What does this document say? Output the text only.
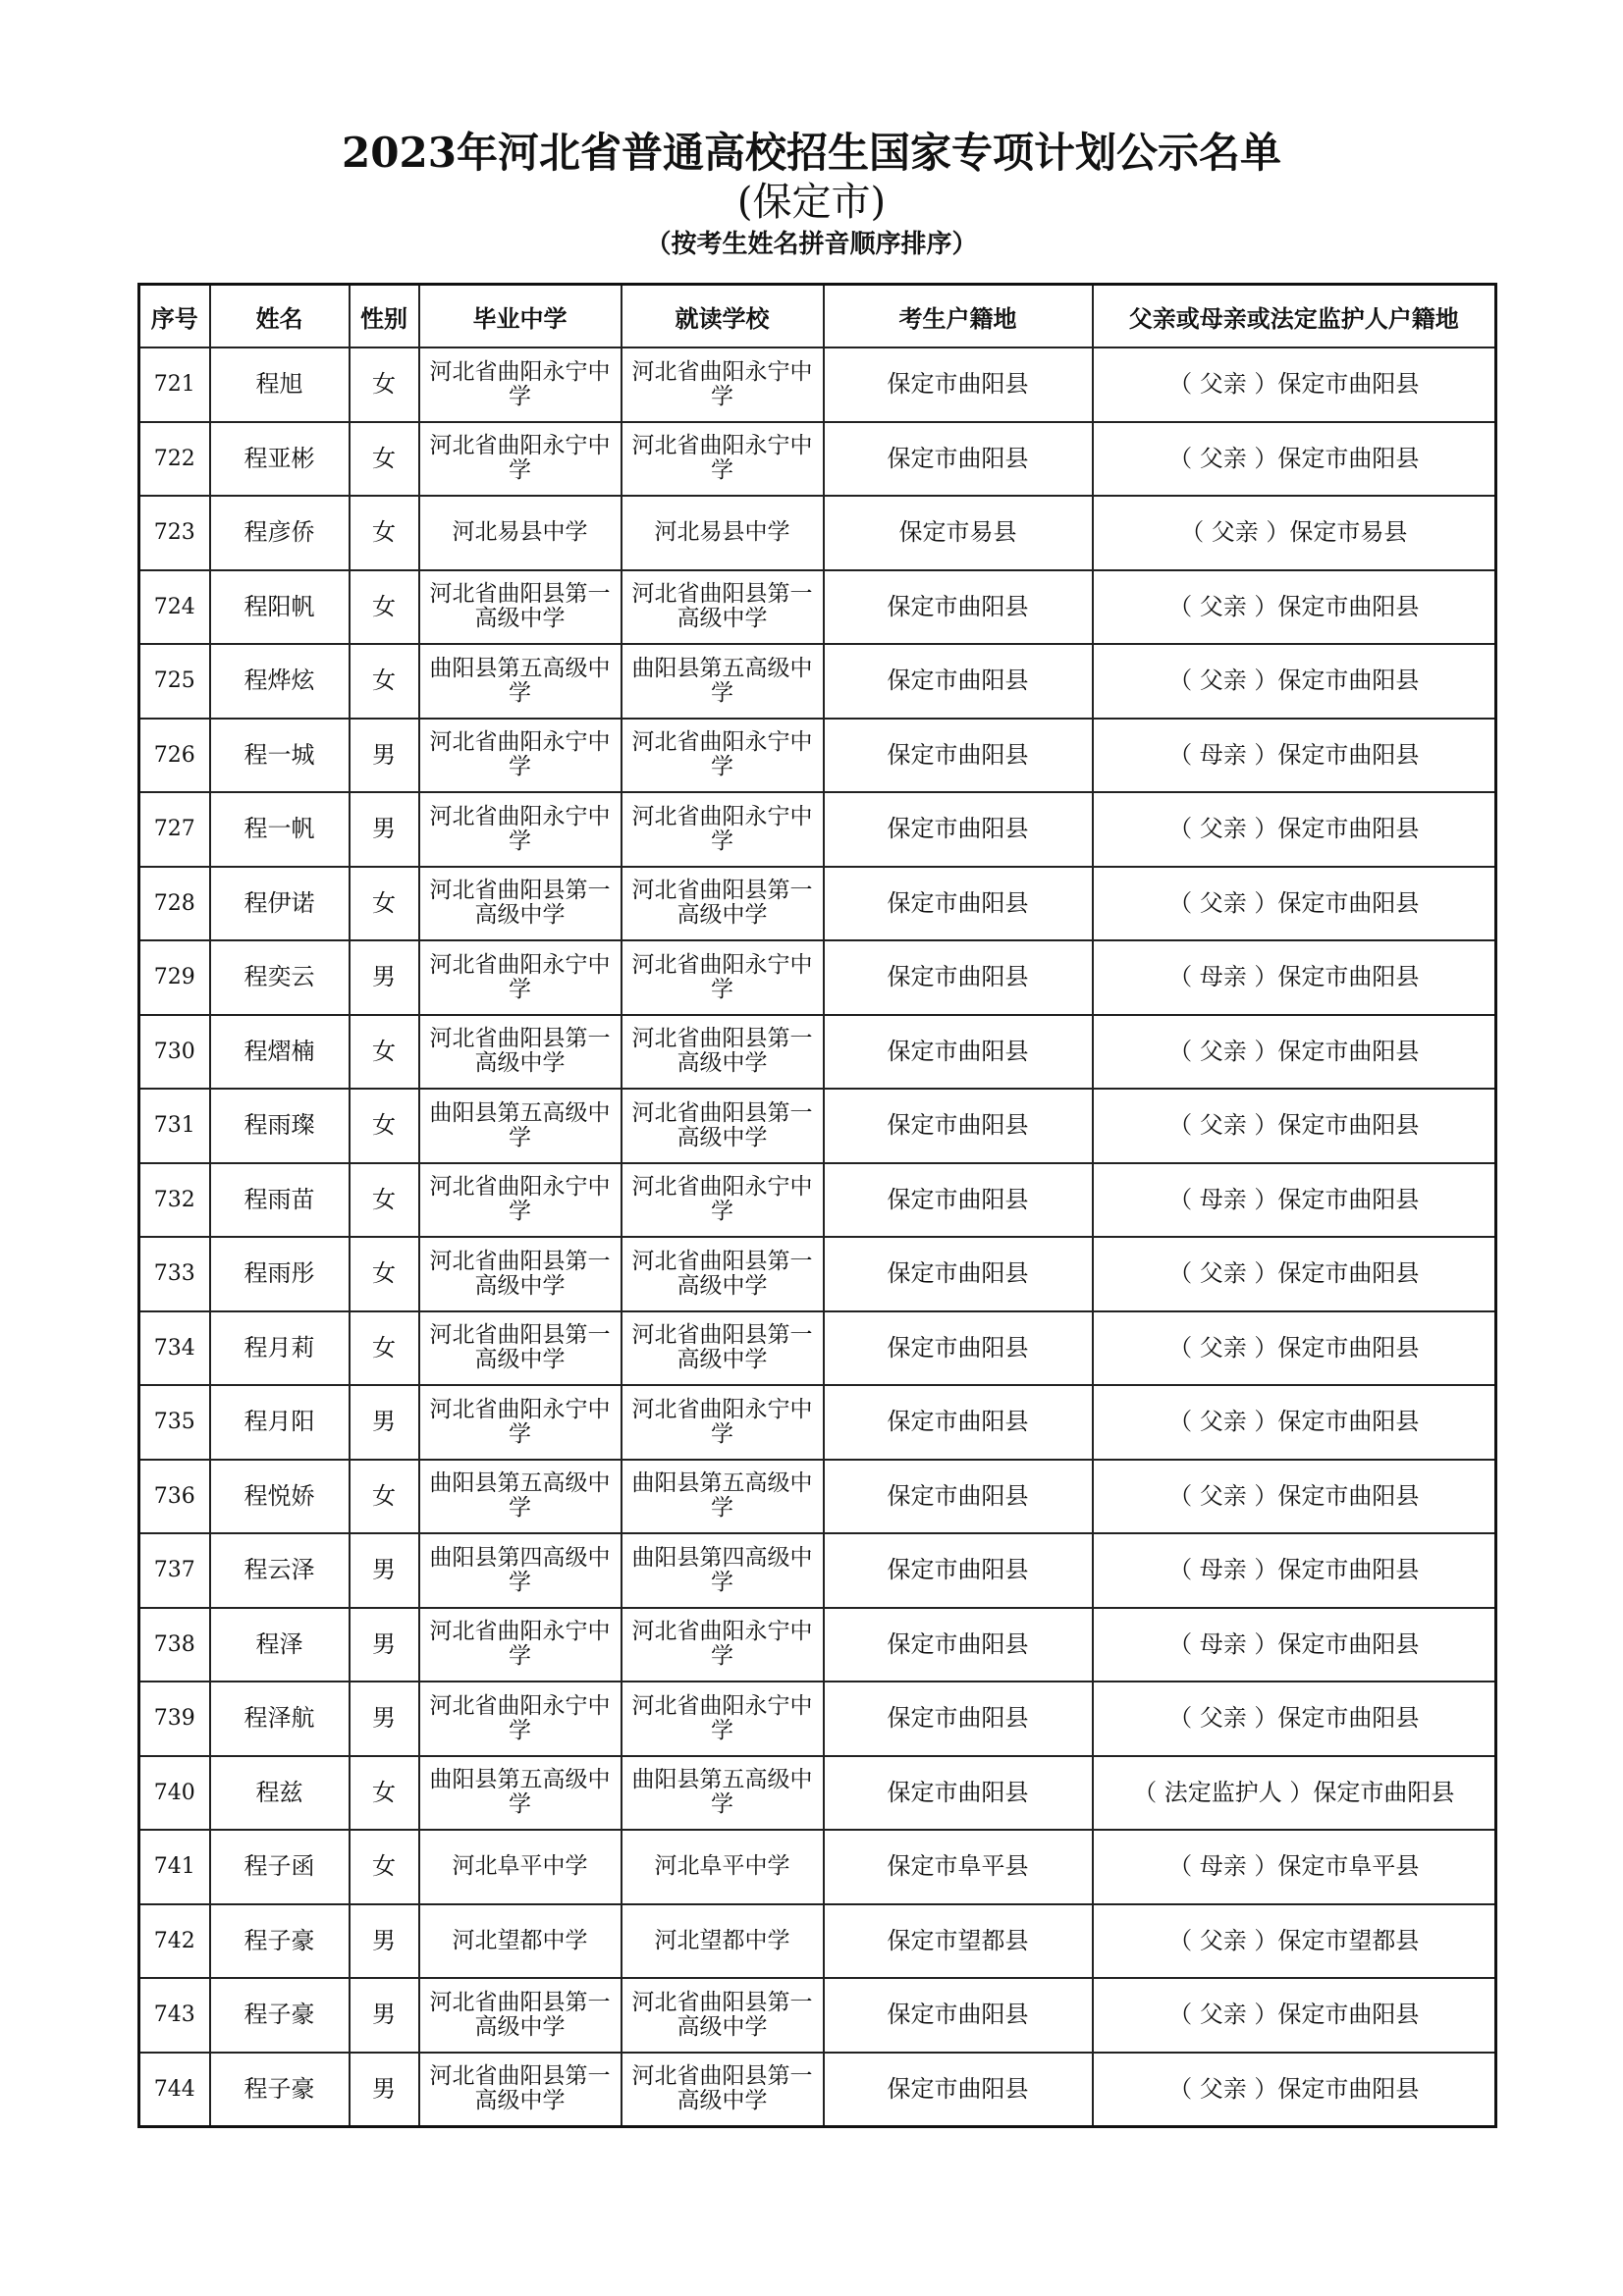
2023年河北省普通高校招生国家专项计划公示名单
(保定市)
（按考生姓名拼音顺序排序）
序号	姓名	性别	毕业中学	就读学校	考生户籍地	父亲或母亲或法定监护人户籍地
721	程旭	女	河北省曲阳永宁中学	河北省曲阳永宁中学	保定市曲阳县	（ 父亲 ）保定市曲阳县
722	程亚彬	女	河北省曲阳永宁中学	河北省曲阳永宁中学	保定市曲阳县	（ 父亲 ）保定市曲阳县
723	程彦侨	女	河北易县中学	河北易县中学	保定市易县	（ 父亲 ）保定市易县
724	程阳帆	女	河北省曲阳县第一高级中学	河北省曲阳县第一高级中学	保定市曲阳县	（ 父亲 ）保定市曲阳县
725	程烨炫	女	曲阳县第五高级中学	曲阳县第五高级中学	保定市曲阳县	（ 父亲 ）保定市曲阳县
726	程一城	男	河北省曲阳永宁中学	河北省曲阳永宁中学	保定市曲阳县	（ 母亲 ）保定市曲阳县
727	程一帆	男	河北省曲阳永宁中学	河北省曲阳永宁中学	保定市曲阳县	（ 父亲 ）保定市曲阳县
728	程伊诺	女	河北省曲阳县第一高级中学	河北省曲阳县第一高级中学	保定市曲阳县	（ 父亲 ）保定市曲阳县
729	程奕云	男	河北省曲阳永宁中学	河北省曲阳永宁中学	保定市曲阳县	（ 母亲 ）保定市曲阳县
730	程熠楠	女	河北省曲阳县第一高级中学	河北省曲阳县第一高级中学	保定市曲阳县	（ 父亲 ）保定市曲阳县
731	程雨璨	女	曲阳县第五高级中学	河北省曲阳县第一高级中学	保定市曲阳县	（ 父亲 ）保定市曲阳县
732	程雨苗	女	河北省曲阳永宁中学	河北省曲阳永宁中学	保定市曲阳县	（ 母亲 ）保定市曲阳县
733	程雨彤	女	河北省曲阳县第一高级中学	河北省曲阳县第一高级中学	保定市曲阳县	（ 父亲 ）保定市曲阳县
734	程月莉	女	河北省曲阳县第一高级中学	河北省曲阳县第一高级中学	保定市曲阳县	（ 父亲 ）保定市曲阳县
735	程月阳	男	河北省曲阳永宁中学	河北省曲阳永宁中学	保定市曲阳县	（ 父亲 ）保定市曲阳县
736	程悦娇	女	曲阳县第五高级中学	曲阳县第五高级中学	保定市曲阳县	（ 父亲 ）保定市曲阳县
737	程云泽	男	曲阳县第四高级中学	曲阳县第四高级中学	保定市曲阳县	（ 母亲 ）保定市曲阳县
738	程泽	男	河北省曲阳永宁中学	河北省曲阳永宁中学	保定市曲阳县	（ 母亲 ）保定市曲阳县
739	程泽航	男	河北省曲阳永宁中学	河北省曲阳永宁中学	保定市曲阳县	（ 父亲 ）保定市曲阳县
740	程兹	女	曲阳县第五高级中学	曲阳县第五高级中学	保定市曲阳县	（ 法定监护人 ）保定市曲阳县
741	程子函	女	河北阜平中学	河北阜平中学	保定市阜平县	（ 母亲 ）保定市阜平县
742	程子豪	男	河北望都中学	河北望都中学	保定市望都县	（ 父亲 ）保定市望都县
743	程子豪	男	河北省曲阳县第一高级中学	河北省曲阳县第一高级中学	保定市曲阳县	（ 父亲 ）保定市曲阳县
744	程子豪	男	河北省曲阳县第一高级中学	河北省曲阳县第一高级中学	保定市曲阳县	（ 父亲 ）保定市曲阳县
